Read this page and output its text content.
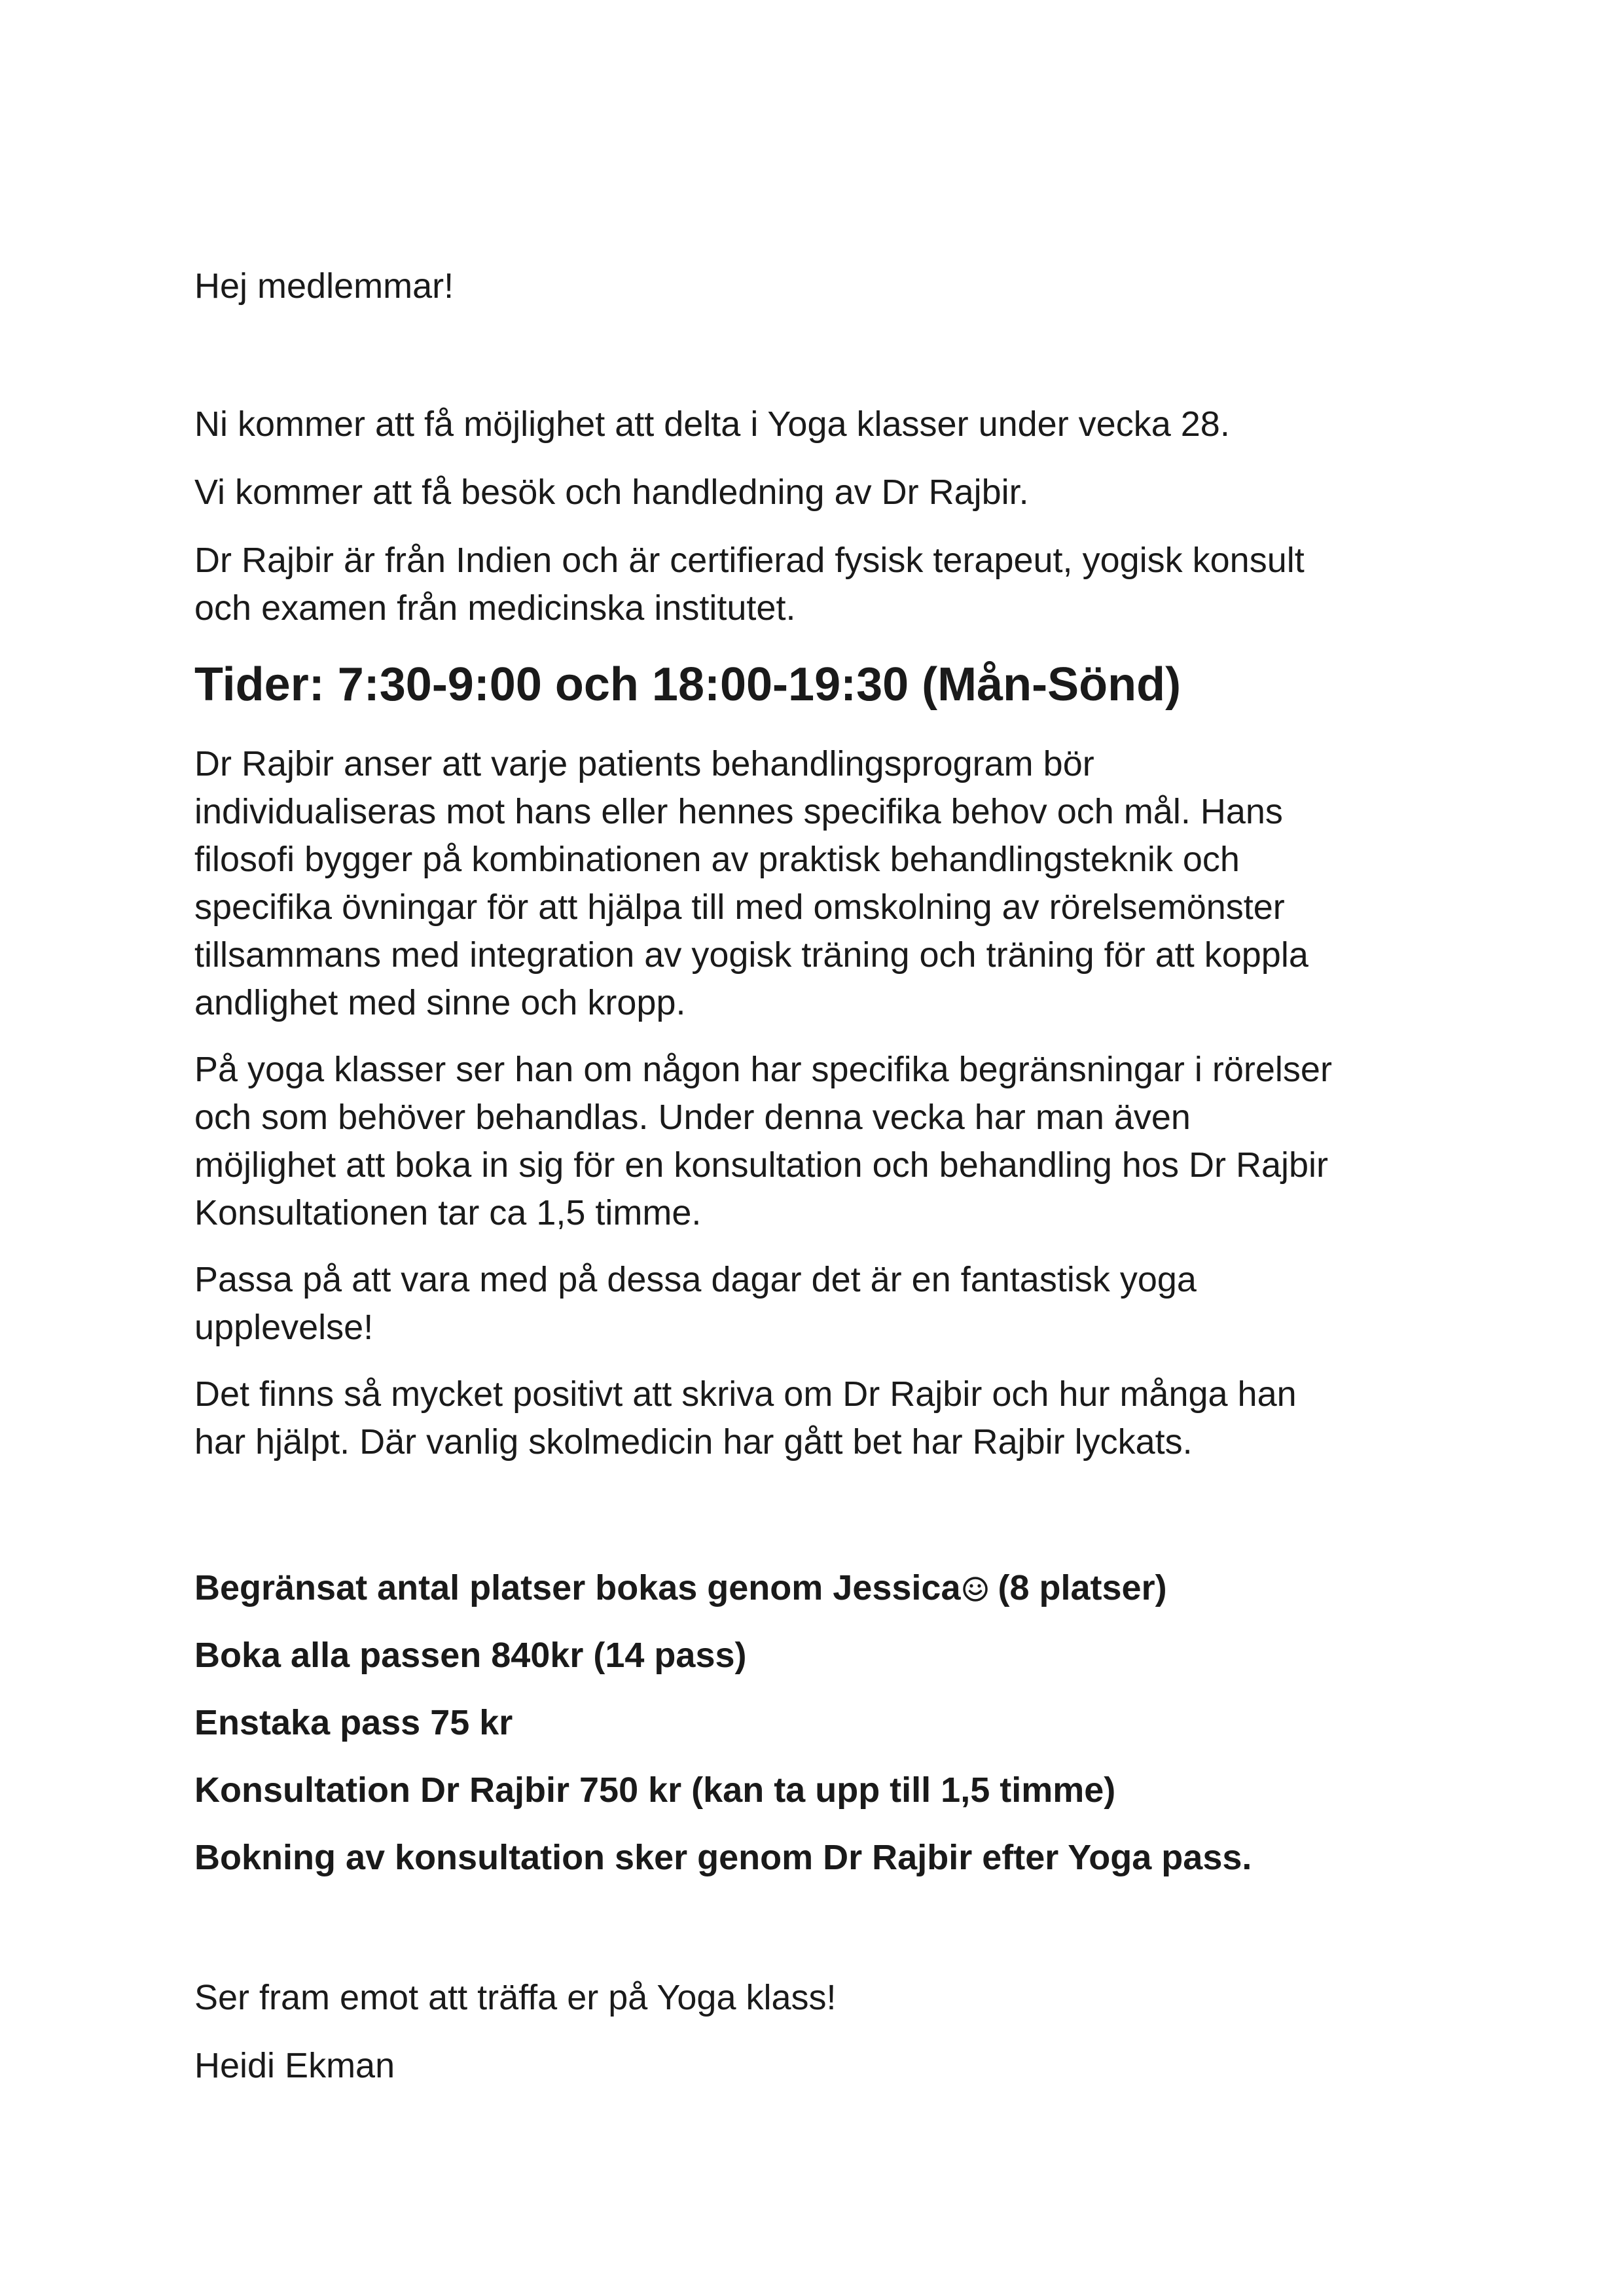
Hej medlemmar!

Ni kommer att få möjlighet att delta i Yoga klasser under vecka 28.

Vi kommer att få besök och handledning av Dr Rajbir.

Dr Rajbir är från Indien och är certifierad fysisk terapeut, yogisk konsult

och examen från medicinska institutet.

Tider: 7:30-9:00 och 18:00-19:30 (Mån-Sönd)

Dr Rajbir anser att varje patients behandlingsprogram bör

individualiseras mot hans eller hennes specifika behov och mål. Hans

filosofi bygger på kombinationen av praktisk behandlingsteknik och

specifika övningar för att hjälpa till med omskolning av rörelsemönster

tillsammans med integration av yogisk träning och träning för att koppla

andlighet med sinne och kropp.

På yoga klasser ser han om någon har specifika begränsningar i rörelser

och som behöver behandlas. Under denna vecka har man även

möjlighet att boka in sig för en konsultation och behandling hos Dr Rajbir

Konsultationen tar ca 1,5 timme.

Passa på att vara med på dessa dagar det är en fantastisk yoga

upplevelse!

Det finns så mycket positivt att skriva om Dr Rajbir och hur många han

har hjälpt. Där vanlig skolmedicin har gått bet har Rajbir lyckats.

Begränsat antal platser bokas genom Jessica
(8 platser)

Boka alla passen 840kr (14 pass)

Enstaka pass 75 kr

Konsultation Dr Rajbir 750 kr (kan ta upp till 1,5 timme)

Bokning av konsultation sker genom Dr Rajbir efter Yoga pass.

Ser fram emot att träffa er på Yoga klass!

Heidi Ekman
